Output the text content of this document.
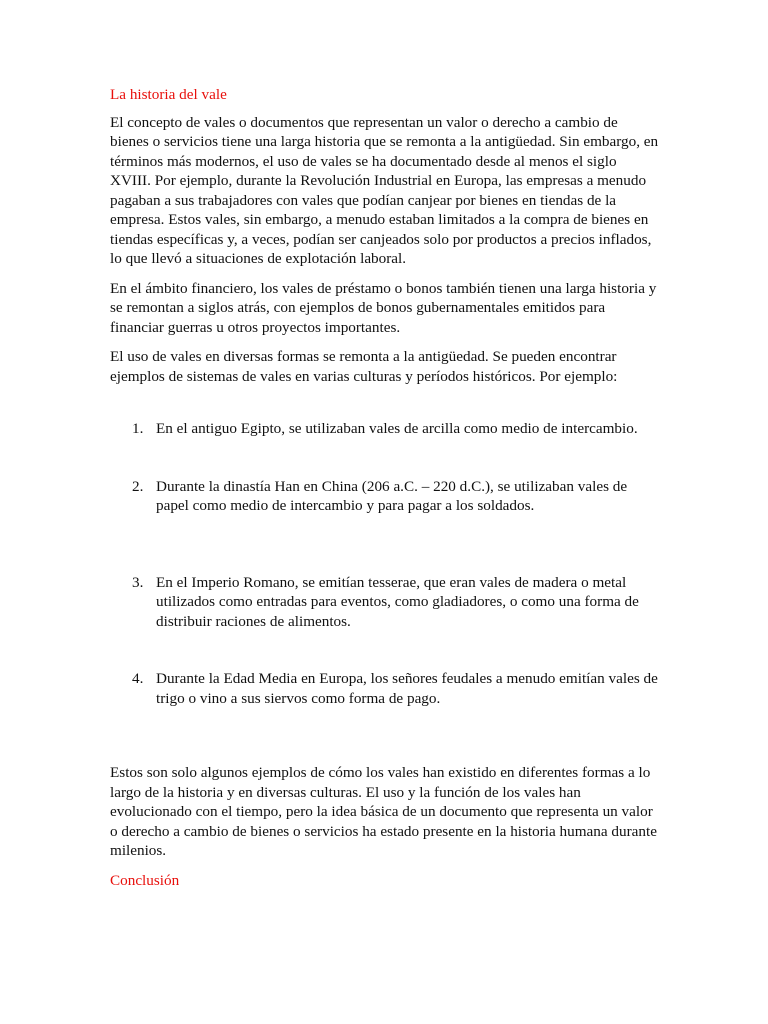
La historia del vale

El concepto de vales o documentos que representan un valor o derecho a cambio de bienes o servicios tiene una larga historia que se remonta a la antigüedad. Sin embargo, en términos más modernos, el uso de vales se ha documentado desde al menos el siglo XVIII. Por ejemplo, durante la Revolución Industrial en Europa, las empresas a menudo pagaban a sus trabajadores con vales que podían canjear por bienes en tiendas de la empresa. Estos vales, sin embargo, a menudo estaban limitados a la compra de bienes en tiendas específicas y, a veces, podían ser canjeados solo por productos a precios inflados, lo que llevó a situaciones de explotación laboral.

En el ámbito financiero, los vales de préstamo o bonos también tienen una larga historia y se remontan a siglos atrás, con ejemplos de bonos gubernamentales emitidos para financiar guerras u otros proyectos importantes.

El uso de vales en diversas formas se remonta a la antigüedad. Se pueden encontrar ejemplos de sistemas de vales en varias culturas y períodos históricos. Por ejemplo:

1. En el antiguo Egipto, se utilizaban vales de arcilla como medio de intercambio.
2. Durante la dinastía Han en China (206 a.C. – 220 d.C.), se utilizaban vales de papel como medio de intercambio y para pagar a los soldados.
3. En el Imperio Romano, se emitían tesserae, que eran vales de madera o metal utilizados como entradas para eventos, como gladiadores, o como una forma de distribuir raciones de alimentos.
4. Durante la Edad Media en Europa, los señores feudales a menudo emitían vales de trigo o vino a sus siervos como forma de pago.

Estos son solo algunos ejemplos de cómo los vales han existido en diferentes formas a lo largo de la historia y en diversas culturas. El uso y la función de los vales han evolucionado con el tiempo, pero la idea básica de un documento que representa un valor o derecho a cambio de bienes o servicios ha estado presente en la historia humana durante milenios.

Conclusión
